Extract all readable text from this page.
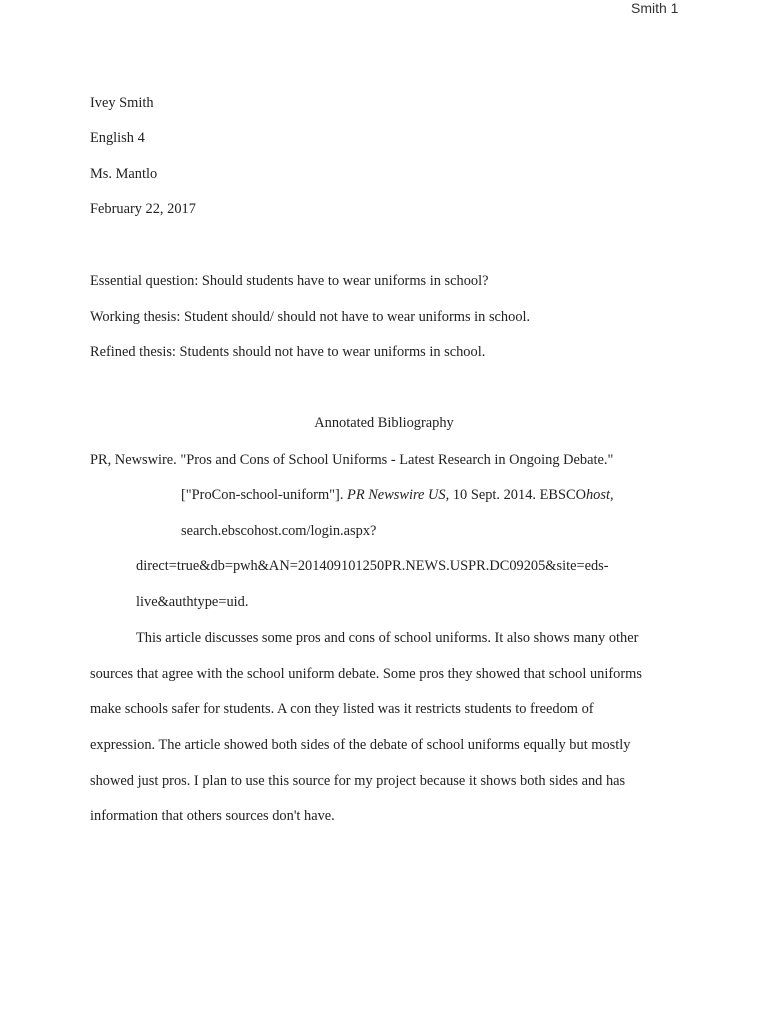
Smith 1
Ivey Smith
English 4
Ms. Mantlo
February 22, 2017
Essential question: Should students have to wear uniforms in school?
Working thesis: Student should/ should not have to wear uniforms in school.
Refined thesis: Students should not have to wear uniforms in school.
Annotated Bibliography
PR, Newswire. "Pros and Cons of School Uniforms - Latest Research in Ongoing Debate."
["ProCon-school-uniform"]. PR Newswire US, 10 Sept. 2014. EBSCOhost,
search.ebscohost.com/login.aspx?
direct=true&db=pwh&AN=201409101250PR.NEWS.USPR.DC09205&site=eds-
live&authtype=uid.
This article discusses some pros and cons of school uniforms. It also shows many other
sources that agree with the school uniform debate. Some pros they showed that school uniforms
make schools safer for students. A con they listed was it restricts students to freedom of
expression. The article showed both sides of the debate of school uniforms equally but mostly
showed just pros. I plan to use this source for my project because it shows both sides and has
information that others sources don't have.
